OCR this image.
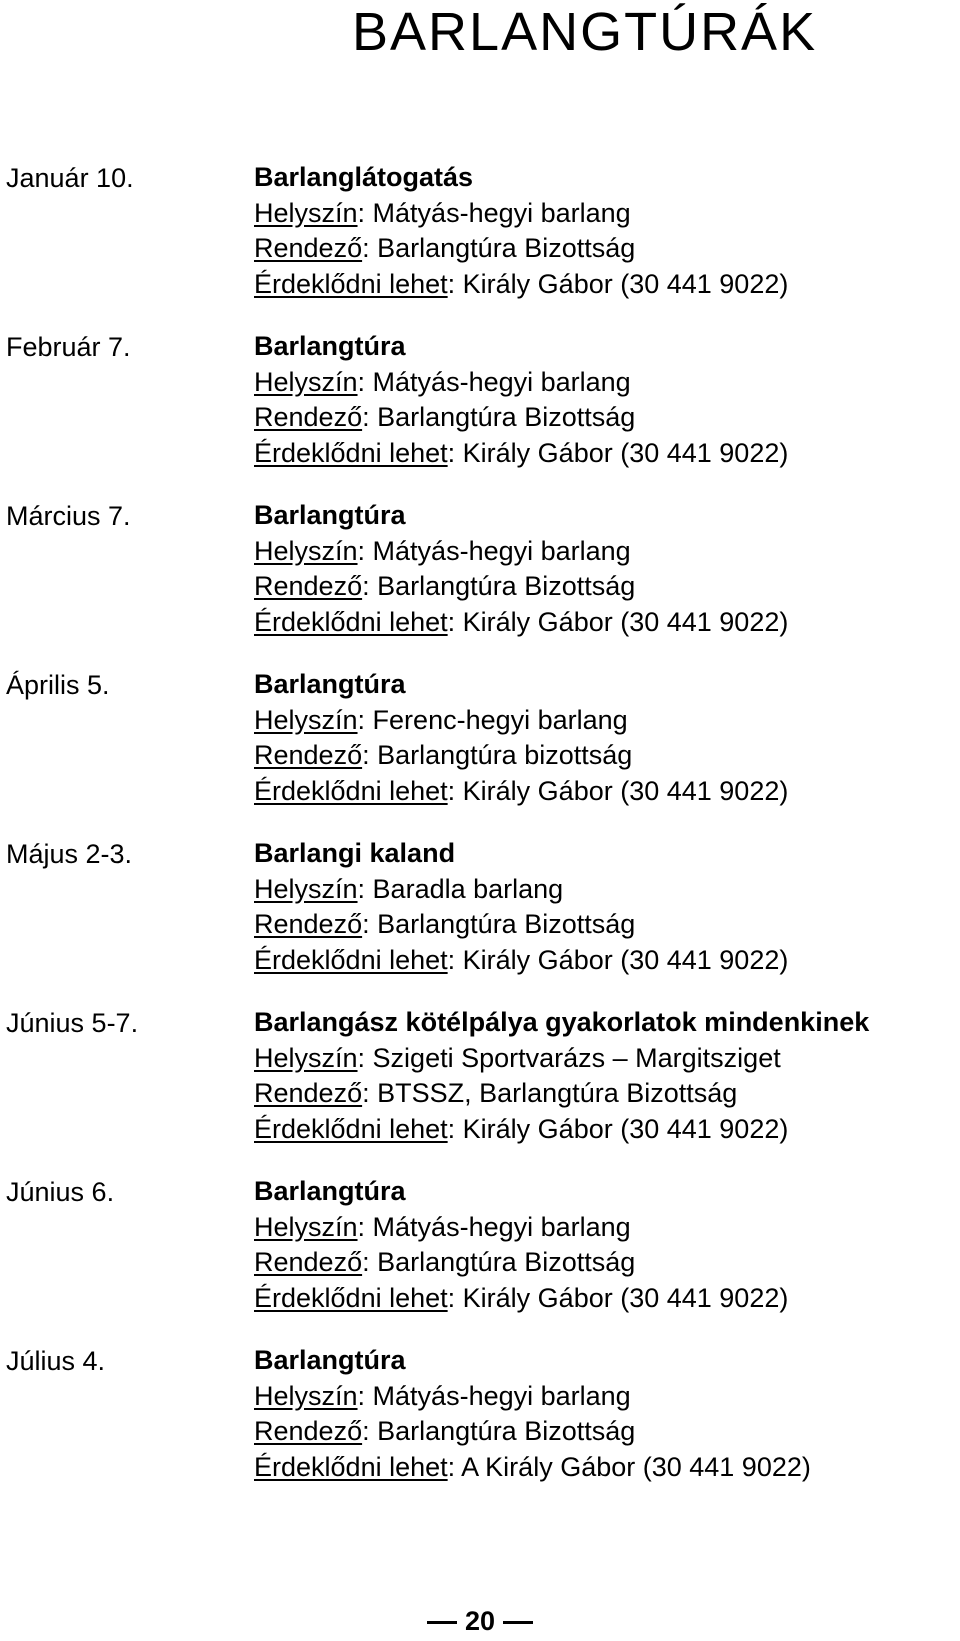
BARLANGTÚRÁK
Január 10.	Barlanglátogatás
Helyszín: Mátyás-hegyi barlang
Rendező: Barlangtúra Bizottság
Érdeklődni lehet: Király Gábor (30 441 9022)
Február 7.	Barlangtúra
Helyszín: Mátyás-hegyi barlang
Rendező: Barlangtúra Bizottság
Érdeklődni lehet: Király Gábor (30 441 9022)
Március 7.	Barlangtúra
Helyszín: Mátyás-hegyi barlang
Rendező: Barlangtúra Bizottság
Érdeklődni lehet: Király Gábor (30 441 9022)
Április 5.	Barlangtúra
Helyszín: Ferenc-hegyi barlang
Rendező: Barlangtúra bizottság
Érdeklődni lehet: Király Gábor (30 441 9022)
Május 2-3.	Barlangi kaland
Helyszín: Baradla barlang
Rendező: Barlangtúra Bizottság
Érdeklődni lehet: Király Gábor (30 441 9022)
Június 5-7.	Barlangász kötélpálya gyakorlatok mindenkinek
Helyszín: Szigeti Sportvarázs – Margitsziget
Rendező: BTSSZ, Barlangtúra Bizottság
Érdeklődni lehet: Király Gábor (30 441 9022)
Június 6.	Barlangtúra
Helyszín: Mátyás-hegyi barlang
Rendező: Barlangtúra Bizottság
Érdeklődni lehet: Király Gábor (30 441 9022)
Július 4.	Barlangtúra
Helyszín: Mátyás-hegyi barlang
Rendező: Barlangtúra Bizottság
Érdeklődni lehet: A Király Gábor (30 441 9022)
20
